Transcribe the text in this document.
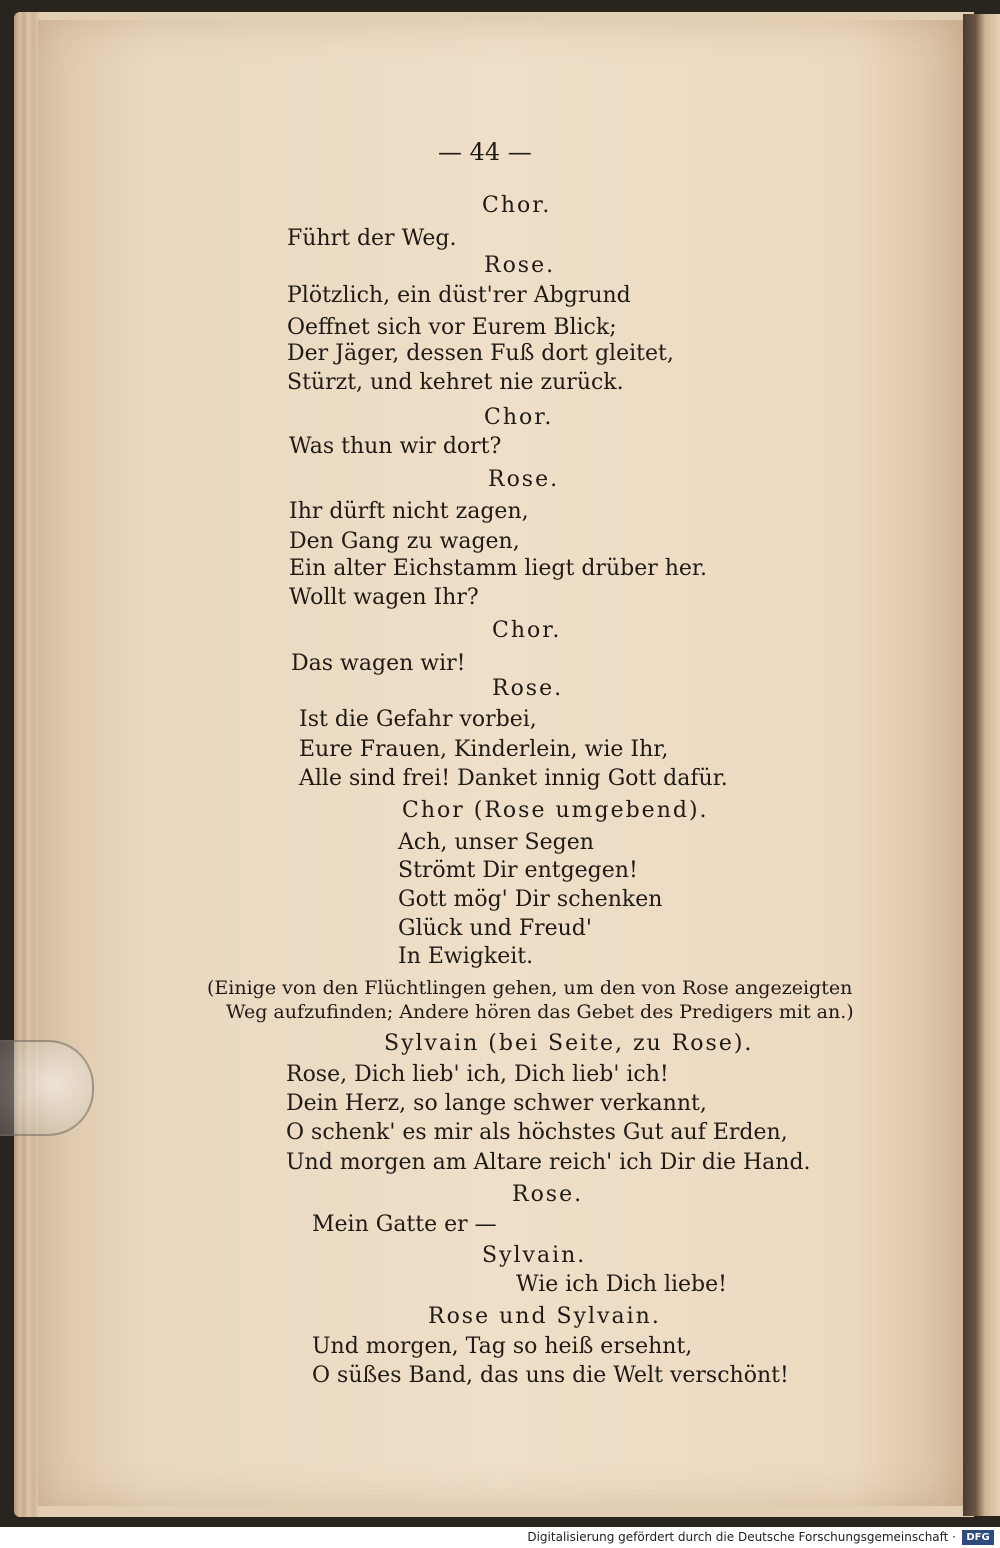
— 44 —
Chor.
Führt der Weg.
Rose.
Plötzlich, ein düst'rer Abgrund
Oeffnet sich vor Eurem Blick;
Der Jäger, dessen Fuß dort gleitet,
Stürzt, und kehret nie zurück.
Chor.
Was thun wir dort?
Rose.
Ihr dürft nicht zagen,
Den Gang zu wagen,
Ein alter Eichstamm liegt drüber her.
Wollt wagen Ihr?
Chor.
Das wagen wir!
Rose.
Ist die Gefahr vorbei,
Eure Frauen, Kinderlein, wie Ihr,
Alle sind frei! Danket innig Gott dafür.
Chor (Rose umgebend).
Ach, unser Segen
Strömt Dir entgegen!
Gott mög' Dir schenken
Glück und Freud'
In Ewigkeit.
(Einige von den Flüchtlingen gehen, um den von Rose angezeigten
Weg aufzufinden; Andere hören das Gebet des Predigers mit an.)
Sylvain (bei Seite, zu Rose).
Rose, Dich lieb' ich, Dich lieb' ich!
Dein Herz, so lange schwer verkannt,
O schenk' es mir als höchstes Gut auf Erden,
Und morgen am Altare reich' ich Dir die Hand.
Rose.
Mein Gatte er —
Sylvain.
Wie ich Dich liebe!
Rose und Sylvain.
Und morgen, Tag so heiß ersehnt,
O süßes Band, das uns die Welt verschönt!
Digitalisierung gefördert durch die Deutsche Forschungsgemeinschaft ·	DFG
